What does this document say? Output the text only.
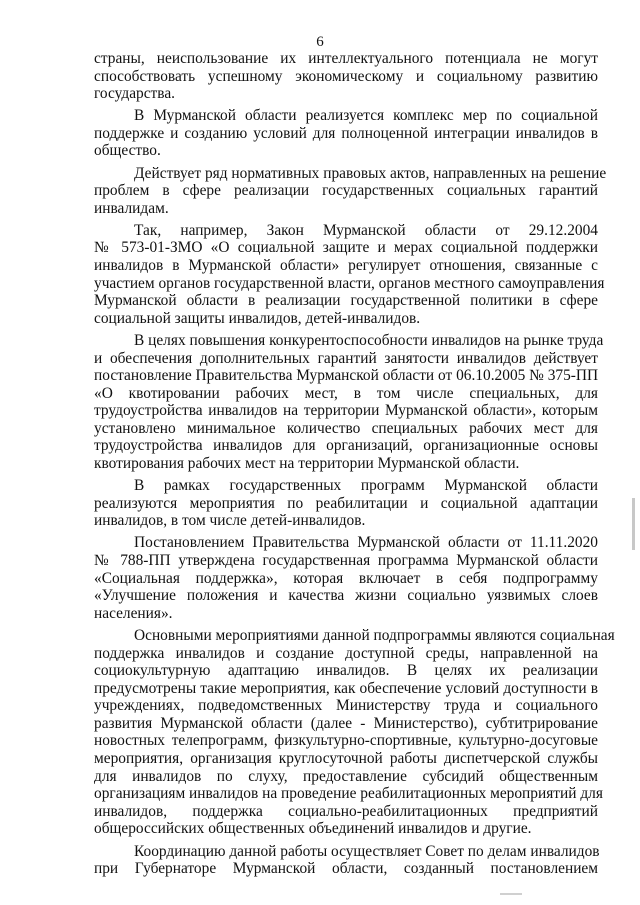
6
страны, неиспользование их интеллектуального потенциала не могут
способствовать успешному экономическому и социальному развитию
государства.
В Мурманской области реализуется комплекс мер по социальной
поддержке и созданию условий для полноценной интеграции инвалидов в
общество.
Действует ряд нормативных правовых актов, направленных на решение
проблем в сфере реализации государственных социальных гарантий
инвалидам.
Так, например, Закон Мурманской области от 29.12.2004
№ 573-01-ЗМО «О социальной защите и мерах социальной поддержки
инвалидов в Мурманской области» регулирует отношения, связанные с
участием органов государственной власти, органов местного самоуправления
Мурманской области в реализации государственной политики в сфере
социальной защиты инвалидов, детей-инвалидов.
В целях повышения конкурентоспособности инвалидов на рынке труда
и обеспечения дополнительных гарантий занятости инвалидов действует
постановление Правительства Мурманской области от 06.10.2005 № 375-ПП
«О квотировании рабочих мест, в том числе специальных, для
трудоустройства инвалидов на территории Мурманской области», которым
установлено минимальное количество специальных рабочих мест для
трудоустройства инвалидов для организаций, организационные основы
квотирования рабочих мест на территории Мурманской области.
В рамках государственных программ Мурманской области
реализуются мероприятия по реабилитации и социальной адаптации
инвалидов, в том числе детей-инвалидов.
Постановлением Правительства Мурманской области от 11.11.2020
№ 788-ПП утверждена государственная программа Мурманской области
«Социальная поддержка», которая включает в себя подпрограмму
«Улучшение положения и качества жизни социально уязвимых слоев
населения».
Основными мероприятиями данной подпрограммы являются социальная
поддержка инвалидов и создание доступной среды, направленной на
социокультурную адаптацию инвалидов. В целях их реализации
предусмотрены такие мероприятия, как обеспечение условий доступности в
учреждениях, подведомственных Министерству труда и социального
развития Мурманской области (далее - Министерство), субтитрирование
новостных телепрограмм, физкультурно-спортивные, культурно-досуговые
мероприятия, организация круглосуточной работы диспетчерской службы
для инвалидов по слуху, предоставление субсидий общественным
организациям инвалидов на проведение реабилитационных мероприятий для
инвалидов, поддержка социально-реабилитационных предприятий
общероссийских общественных объединений инвалидов и другие.
Координацию данной работы осуществляет Совет по делам инвалидов
при Губернаторе Мурманской области, созданный постановлением
